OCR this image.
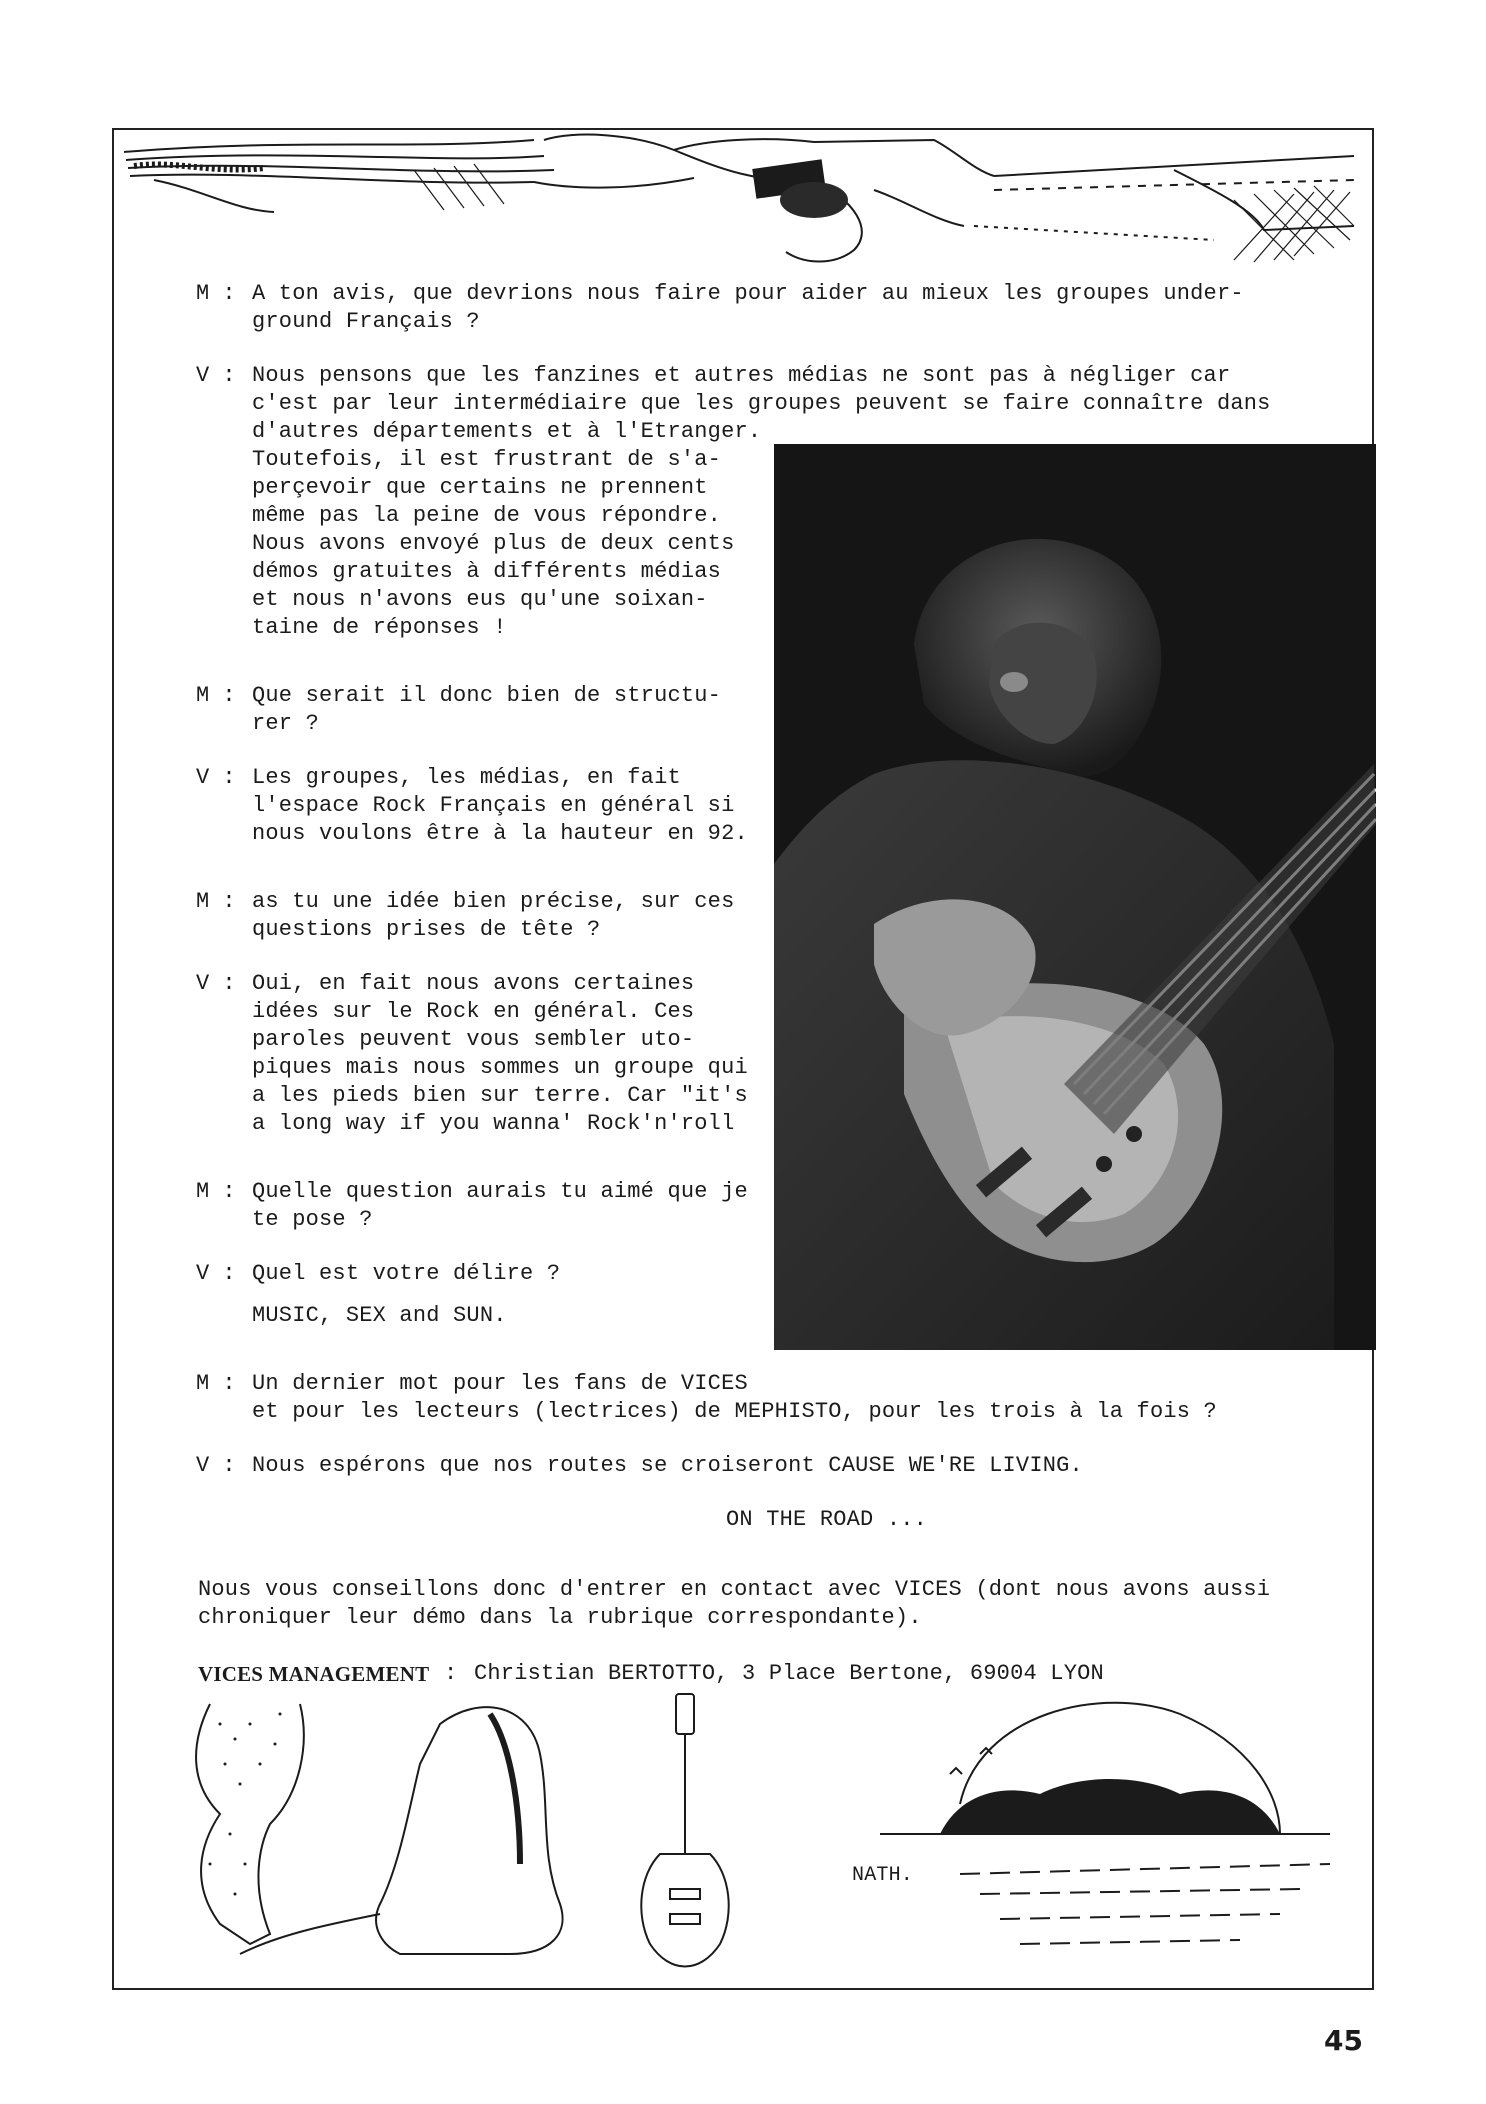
M : A ton avis, que devrions nous faire pour aider au mieux les groupes under-
ground Français ?
V : Nous pensons que les fanzines et autres médias ne sont pas à négliger car
c'est par leur intermédiaire que les groupes peuvent se faire connaître dans
d'autres départements et à l'Etranger.
Toutefois, il est frustrant de s'a-
perçevoir que certains ne prennent
même pas la peine de vous répondre.
Nous avons envoyé plus de deux cents
démos gratuites à différents médias
et nous n'avons eus qu'une soixan-
taine de réponses !
M : Que serait il donc bien de structu-
rer ?
V : Les groupes, les médias, en fait
l'espace Rock Français en général si
nous voulons être à la hauteur en 92.
M : as tu une idée bien précise, sur ces
questions prises de tête ?
V : Oui, en fait nous avons certaines
idées sur le Rock en général. Ces
paroles peuvent vous sembler uto-
piques mais nous sommes un groupe qui
a les pieds bien sur terre. Car "it's
a long way if you wanna' Rock'n'roll
M : Quelle question aurais tu aimé que je
te pose ?
V : Quel est votre délire ?
MUSIC, SEX and SUN.
M : Un dernier mot pour les fans de VICES
et pour les lecteurs (lectrices) de MEPHISTO, pour les trois à la fois ?
V : Nous espérons que nos routes se croiseront CAUSE WE'RE LIVING.
ON THE ROAD ...
Nous vous conseillons donc d'entrer en contact avec VICES (dont nous avons aussi
chroniquer leur démo dans la rubrique correspondante).
VICES MANAGEMENT : Christian BERTOTTO, 3 Place Bertone, 69004 LYON
NATH.
45
